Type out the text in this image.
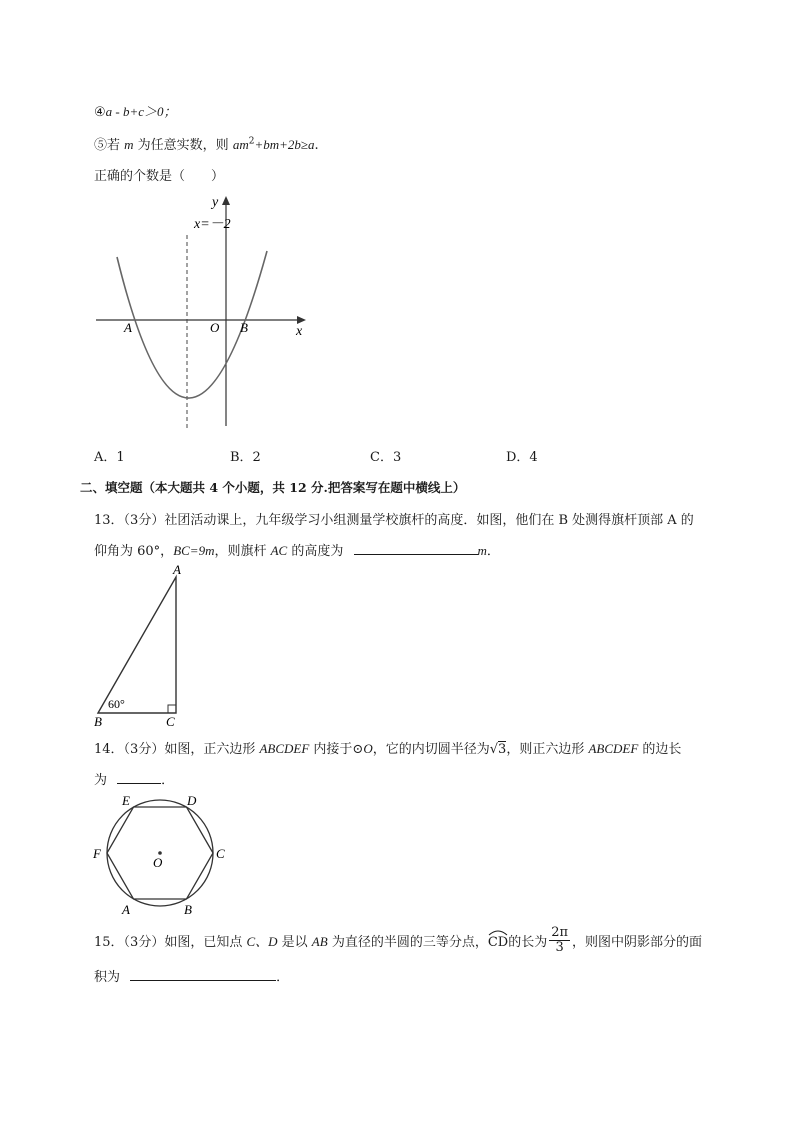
④a - b+c＞0；
⑤若 m 为任意实数，则 $am^2+bm+2b\ge a$.
正确的个数是（　　）
x=－2
y
x
A	O B
A．1	B．2	C．3	D．4
二、填空题（本大题共 4 个小题，共 12 分.把答案写在题中横线上）
13．（3分）社团活动课上，九年级学习小组测量学校旗杆的高度．如图，他们在 B 处测得旗杆顶部 A 的
仰角为 60°，BC=9m，则旗杆 AC 的高度为	m．
A
B	C
60°
14．（3分）如图，正六边形 ABCDEF 内接于⊙O，它的内切圆半径为√3，则正六边形 ABCDEF 的边长
为	．
A	B
C
D
E
F
O
15．（3分）如图，已知点 C、D 是以 AB 为直径的半圆的三等分点，
CD的长为 $\frac{2\pi}{3}$ ，则图中阴影部分的面
积为	．
